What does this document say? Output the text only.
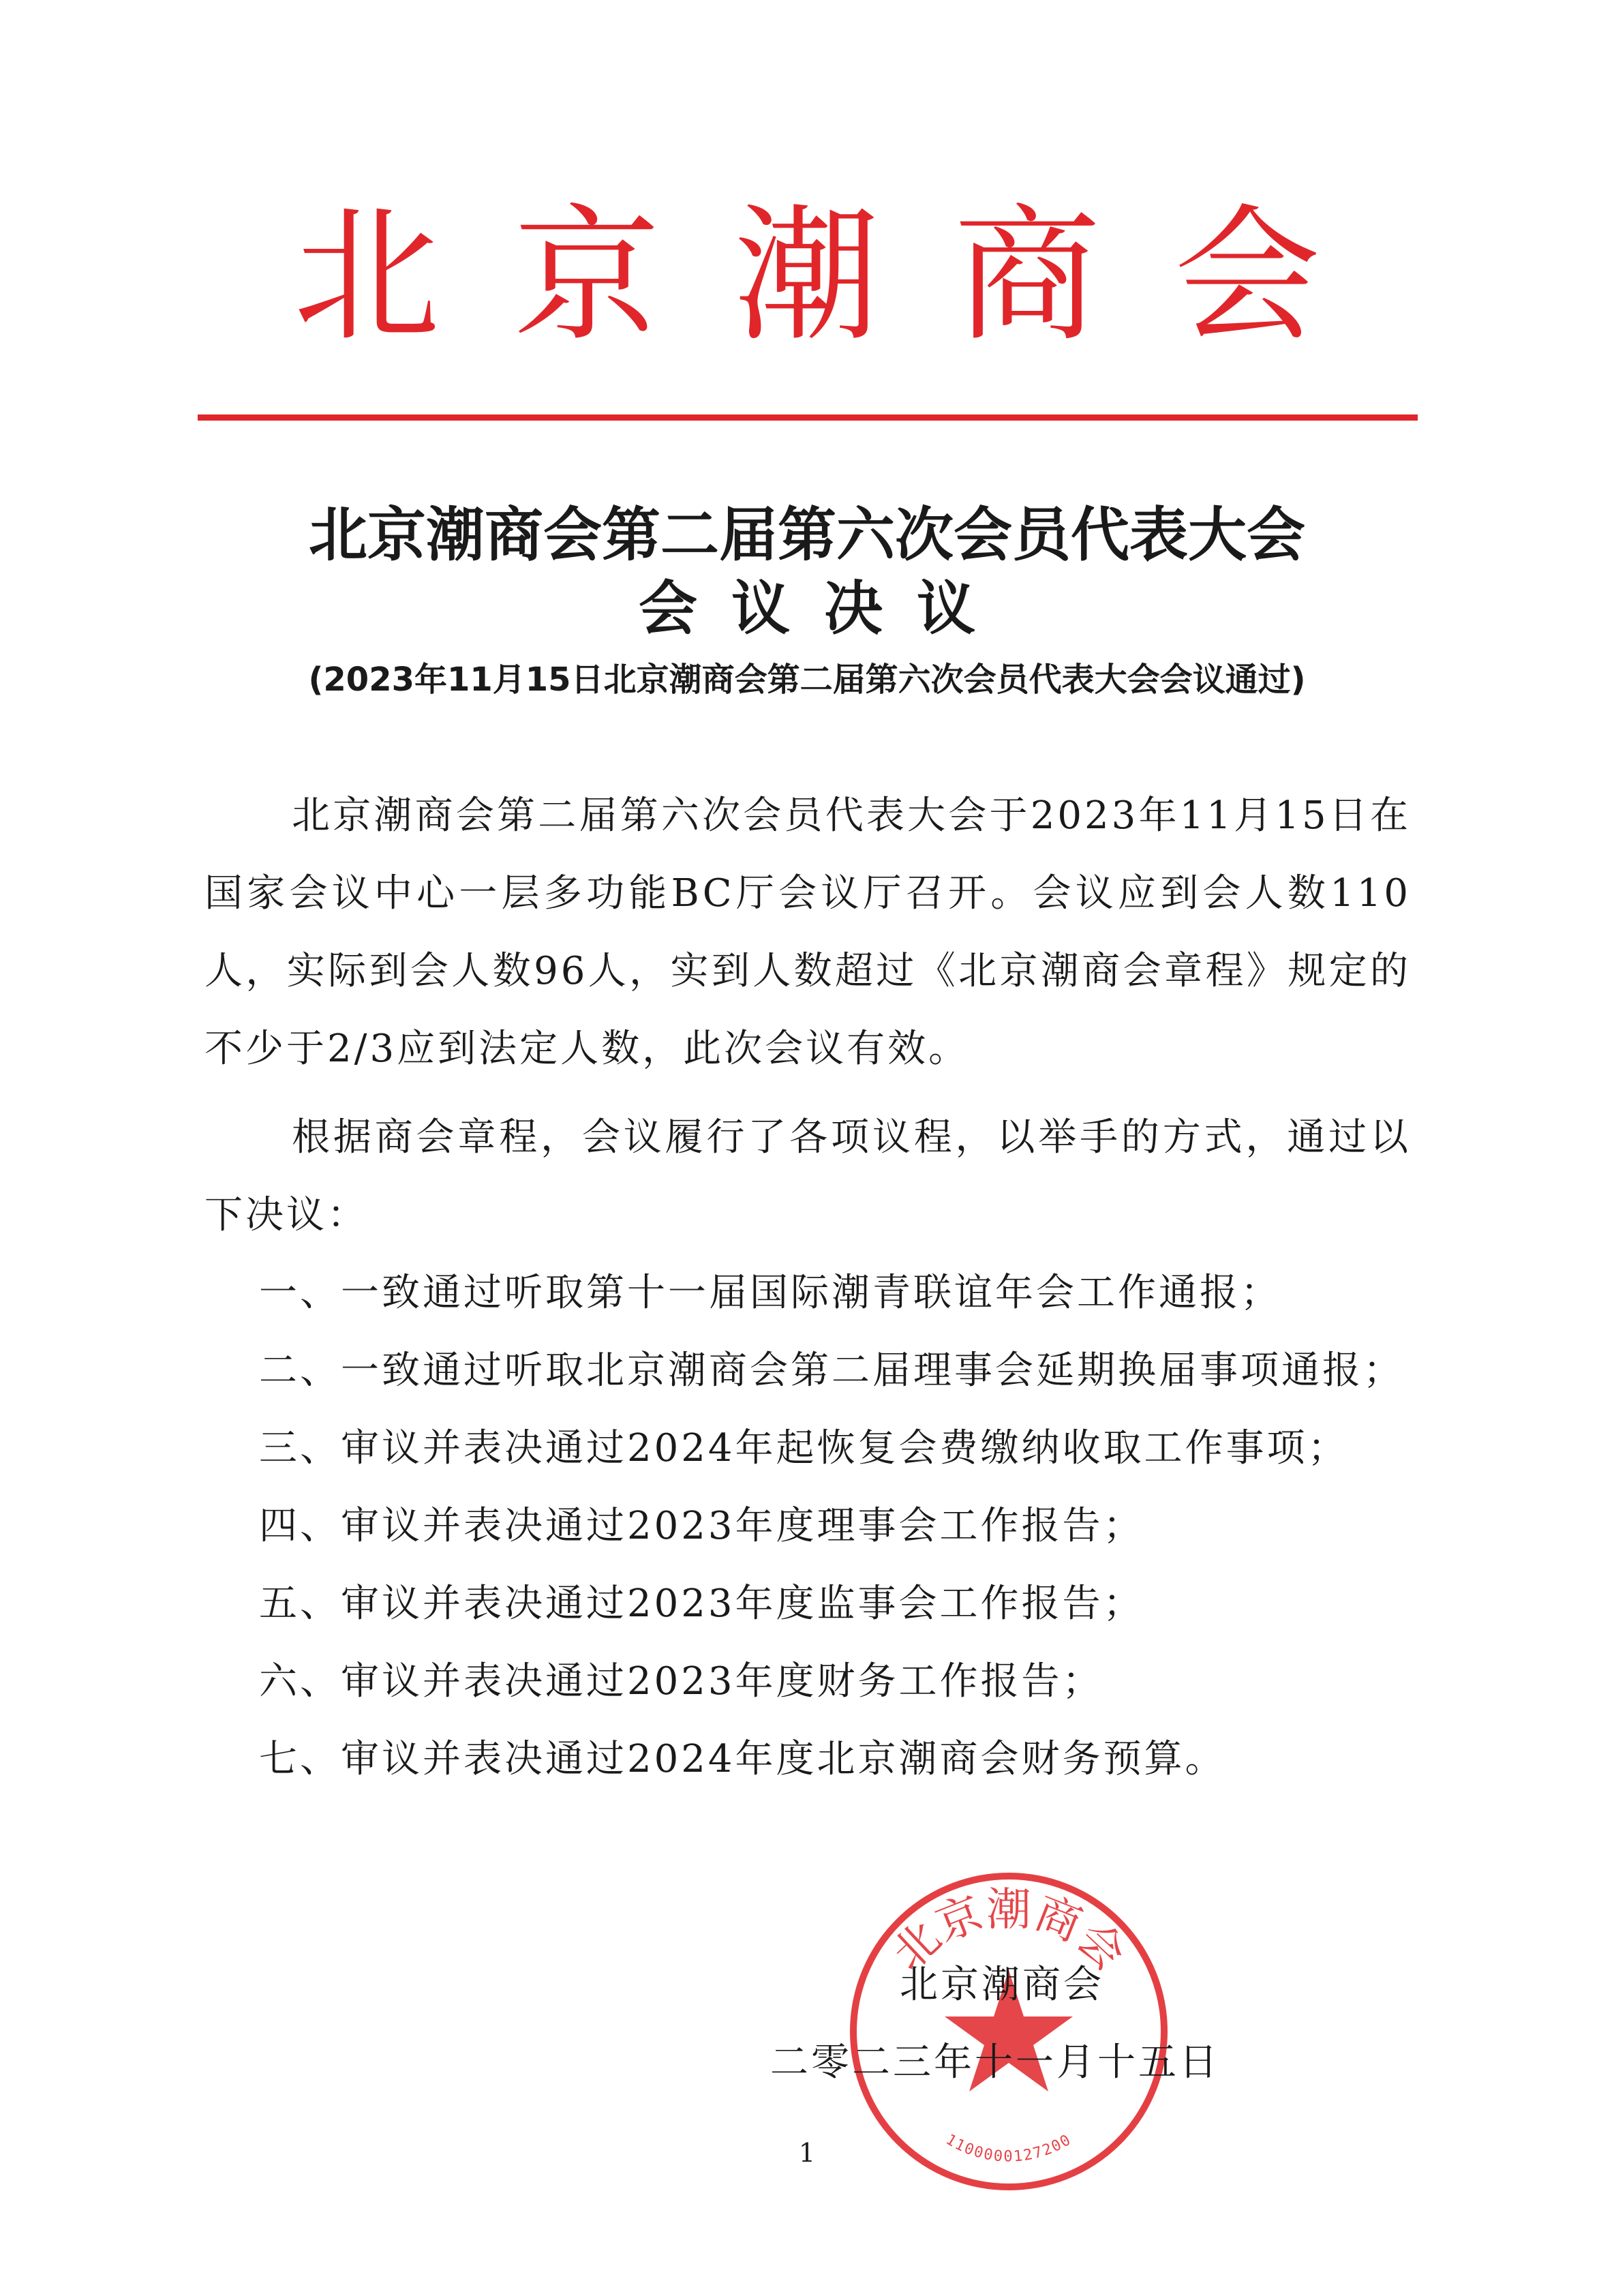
北京潮商会
北京潮商会第二届第六次会员代表大会
会议决议
(2023年11月15日北京潮商会第二届第六次会员代表大会会议通过)

北京潮商会第二届第六次会员代表大会于2023年11月15日在国家会议中心一层多功能BC厅会议厅召开。会议应到会人数110人，实际到会人数96人，实到人数超过《北京潮商会章程》规定的不少于2/3应到法定人数，此次会议有效。

根据商会章程，会议履行了各项议程，以举手的方式，通过以下决议：

一、一致通过听取第十一届国际潮青联谊年会工作通报；
二、一致通过听取北京潮商会第二届理事会延期换届事项通报；
三、审议并表决通过2024年起恢复会费缴纳收取工作事项；
四、审议并表决通过2023年度理事会工作报告；
五、审议并表决通过2023年度监事会工作报告；
六、审议并表决通过2023年度财务工作报告；
七、审议并表决通过2024年度北京潮商会财务预算。
北京潮商会
1100000127200
北京潮商会
二零二三年十一月十五日
1
